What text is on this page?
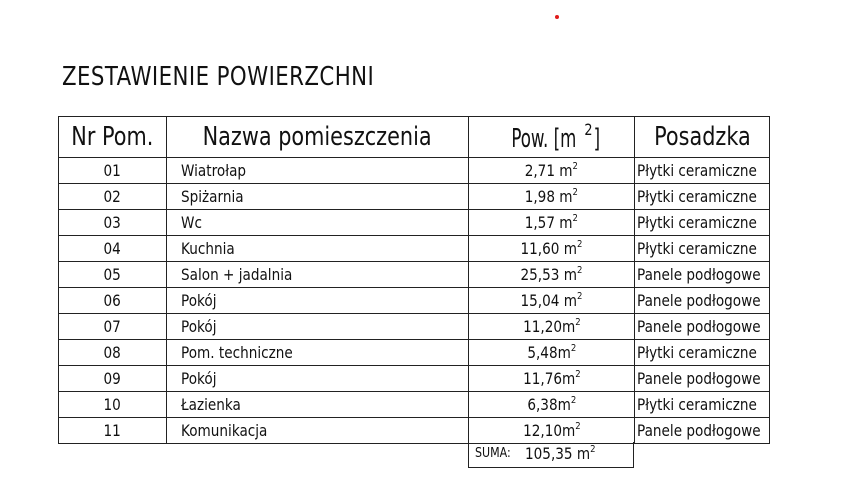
ZESTAWIENIE POWIERZCHNI
Nr Pom.	Nazwa pomieszczenia	Pow. [m $^2$]	Posadzka
01	Wiatrołap	2,71 $m^2$	Płytki ceramiczne
02	Spiżarnia	1,98 $m^2$	Płytki ceramiczne
03	Wc	1,57 $m^2$	Płytki ceramiczne
04	Kuchnia	11,60 $m^2$	Płytki ceramiczne
05	Salon + jadalnia	25,53 $m^2$	Panele podłogowe
06	Pokój	15,04 $m^2$	Panele podłogowe
07	Pokój	$11,20m^2$	Panele podłogowe
08	Pom. techniczne	$5,48m^2$	Płytki ceramiczne
09	Pokój	$11,76m^2$	Panele podłogowe
10	Łazienka	$6,38m^2$	Płytki ceramiczne
11	Komunikacja	$12,10m^2$	Panele podłogowe
SUMA: 105,35 $m^2$
